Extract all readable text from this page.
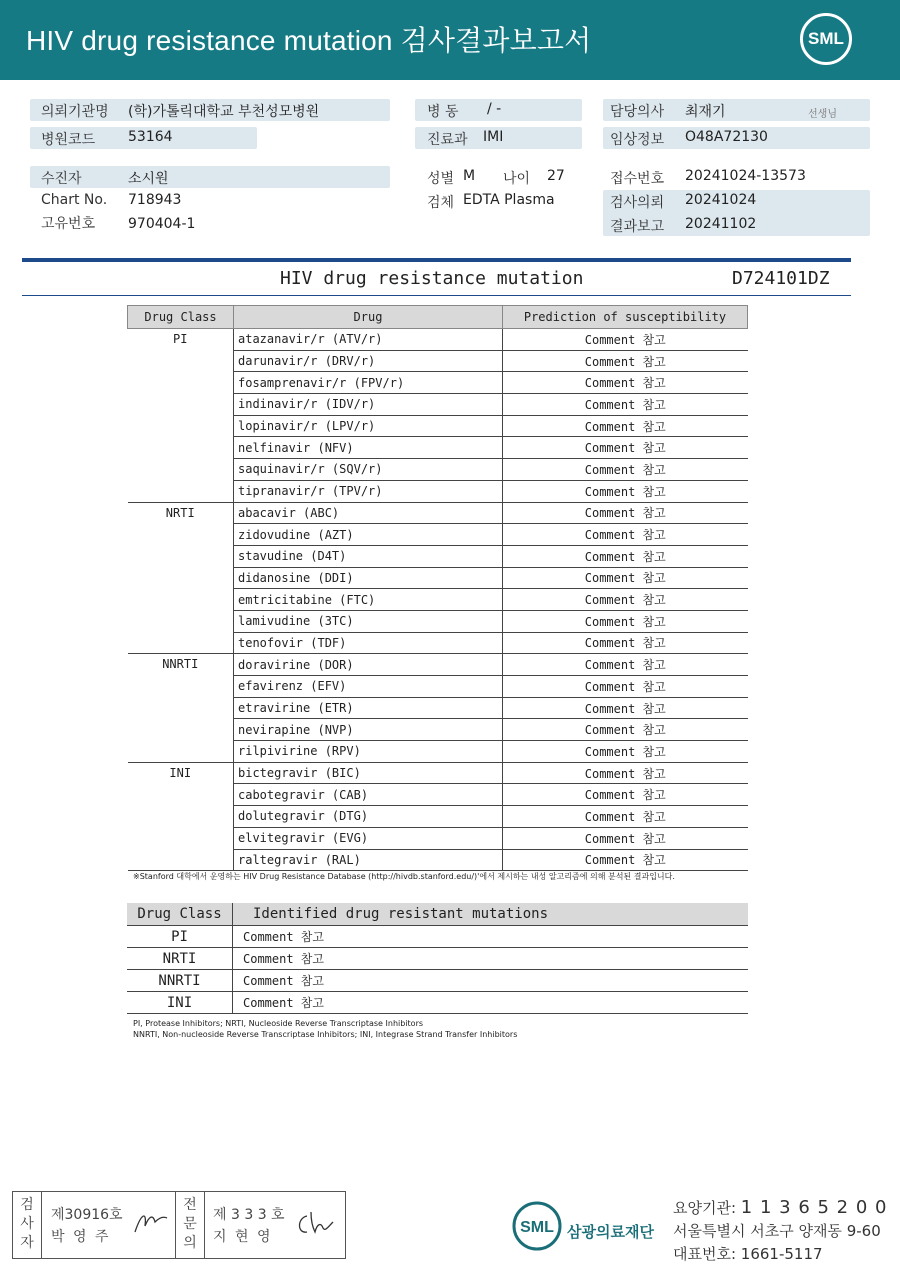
HIV drug resistance mutation 검사결과보고서	SML
의뢰기관명 (학)가톨릭대학교 부천성모병원
병원코드 53164
병 동 / -
진료과 IMI
담당의사 최재기	선생님
임상정보 O48A72130
수진자	소시원
Chart No. 718943
고유번호 970404-1
성별 M 나이 27
검체 EDTA Plasma
접수번호 20241024-13573
검사의뢰 20241024
결과보고 20241102
HIV drug resistance mutation	D724101DZ
Drug Class	Drug	Prediction of susceptibility
PI	atazanavir/r (ATV/r)	Comment 참고
	darunavir/r (DRV/r)	Comment 참고
	fosamprenavir/r (FPV/r)	Comment 참고
	indinavir/r (IDV/r)	Comment 참고
	lopinavir/r (LPV/r)	Comment 참고
	nelfinavir (NFV)	Comment 참고
	saquinavir/r (SQV/r)	Comment 참고
	tipranavir/r (TPV/r)	Comment 참고
NRTI	abacavir (ABC)	Comment 참고
	zidovudine (AZT)	Comment 참고
	stavudine (D4T)	Comment 참고
	didanosine (DDI)	Comment 참고
	emtricitabine (FTC)	Comment 참고
	lamivudine (3TC)	Comment 참고
	tenofovir (TDF)	Comment 참고
NNRTI	doravirine (DOR)	Comment 참고
	efavirenz (EFV)	Comment 참고
	etravirine (ETR)	Comment 참고
	nevirapine (NVP)	Comment 참고
	rilpivirine (RPV)	Comment 참고
INI	bictegravir (BIC)	Comment 참고
	cabotegravir (CAB)	Comment 참고
	dolutegravir (DTG)	Comment 참고
	elvitegravir (EVG)	Comment 참고
	raltegravir (RAL)	Comment 참고
※Stanford 대학에서 운영하는 HIV Drug Resistance Database (http://hivdb.stanford.edu/)'에서 제시하는 내성 알고리즘에 의해 분석된 결과입니다.
Drug Class	Identified drug resistant mutations
PI	Comment 참고
NRTI	Comment 참고
NNRTI	Comment 참고
INI	Comment 참고
PI, Protease Inhibitors; NRTI, Nucleoside Reverse Transcriptase Inhibitors
NNRTI, Non-nucleoside Reverse Transcriptase Inhibitors; INI, Integrase Strand Transfer Inhibitors
검사자
제30916호
박 영 주
전문의
제 3 3 3 호
지 현 영
SML 삼광의료재단
요양기관: 1 1 3 6 5 2 0 0
서울특별시 서초구 양재동 9-60
대표번호: 1661-5117
